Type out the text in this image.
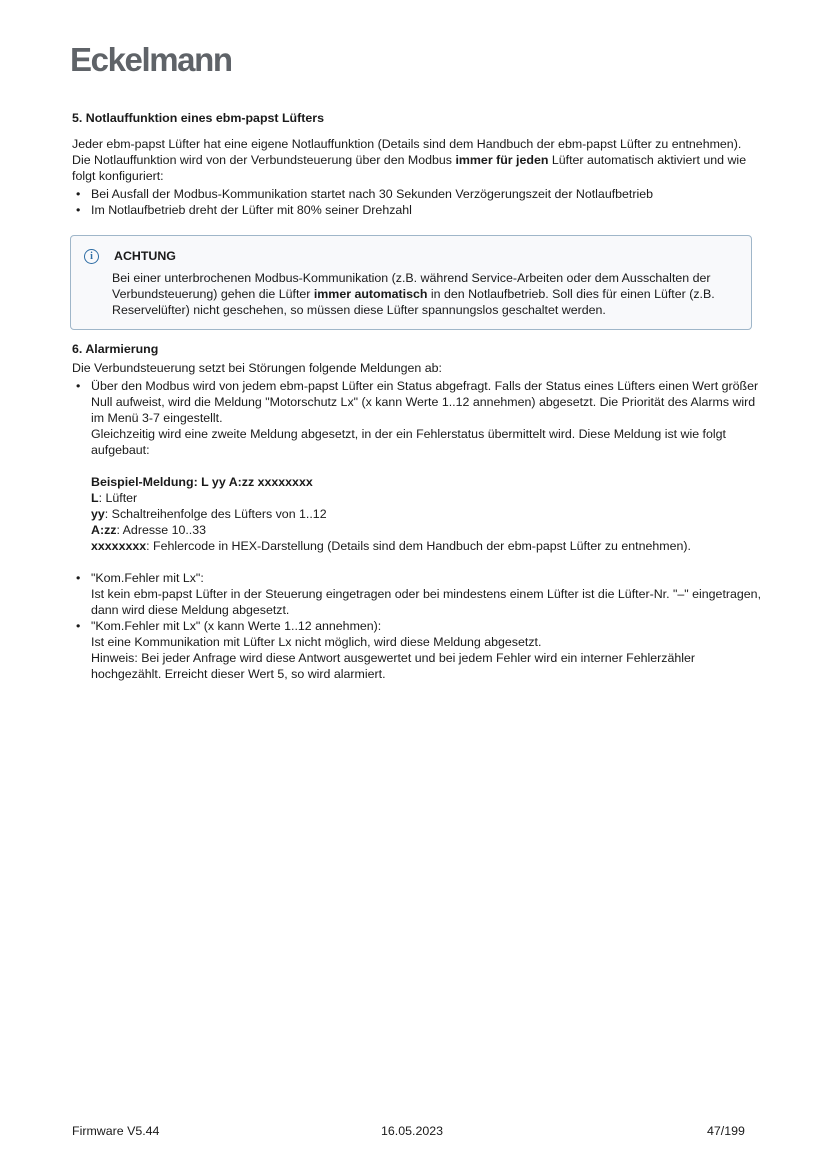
Eckelmann

5. Notlauffunktion eines ebm-papst Lüfters

Jeder ebm-papst Lüfter hat eine eigene Notlauffunktion (Details sind dem Handbuch der ebm-papst Lüfter zu entnehmen). Die Notlauffunktion wird von der Verbundsteuerung über den Modbus immer für jeden Lüfter automatisch aktiviert und wie folgt konfiguriert:

• Bei Ausfall der Modbus-Kommunikation startet nach 30 Sekunden Verzögerungszeit der Notlaufbetrieb
• Im Notlaufbetrieb dreht der Lüfter mit 80% seiner Drehzahl
i	ACHTUNG
Bei einer unterbrochenen Modbus-Kommunikation (z.B. während Service-Arbeiten oder dem Ausschalten der Verbundsteuerung) gehen die Lüfter immer automatisch in den Notlaufbetrieb. Soll dies für einen Lüfter (z.B. Reservelüfter) nicht geschehen, so müssen diese Lüfter spannungslos geschaltet werden.

6. Alarmierung

Die Verbundsteuerung setzt bei Störungen folgende Meldungen ab:

• Über den Modbus wird von jedem ebm-papst Lüfter ein Status abgefragt. Falls der Status eines Lüfters einen Wert größer Null aufweist, wird die Meldung "Motorschutz Lx" (x kann Werte 1..12 annehmen) abgesetzt. Die Priorität des Alarms wird im Menü 3-7 eingestellt.
Gleichzeitig wird eine zweite Meldung abgesetzt, in der ein Fehlerstatus übermittelt wird. Diese Meldung ist wie folgt aufgebaut:
Beispiel-Meldung: L yy A:zz xxxxxxxx
L: Lüfter
yy: Schaltreihenfolge des Lüfters von 1..12
A:zz: Adresse 10..33
xxxxxxxx: Fehlercode in HEX-Darstellung (Details sind dem Handbuch der ebm-papst Lüfter zu entnehmen).
• "Kom.Fehler mit Lx":
Ist kein ebm-papst Lüfter in der Steuerung eingetragen oder bei mindestens einem Lüfter ist die Lüfter-Nr. "–" eingetragen, dann wird diese Meldung abgesetzt.
• "Kom.Fehler mit Lx" (x kann Werte 1..12 annehmen):
Ist eine Kommunikation mit Lüfter Lx nicht möglich, wird diese Meldung abgesetzt.
Hinweis: Bei jeder Anfrage wird diese Antwort ausgewertet und bei jedem Fehler wird ein interner Fehlerzähler hochgezählt. Erreicht dieser Wert 5, so wird alarmiert.
Firmware V5.44	16.05.2023	47/199
